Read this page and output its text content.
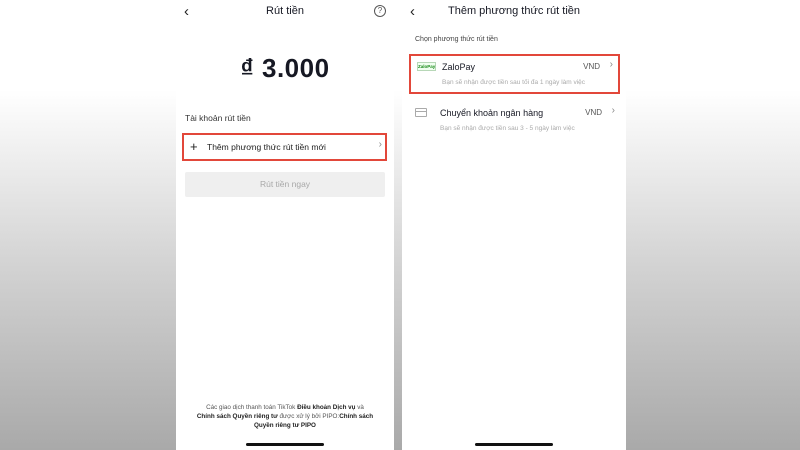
‹	Rút tiền	?
₫ 3.000
Tài khoản rút tiền
+ Thêm phương thức rút tiền mới	›
Rút tiền ngay
Các giao dịch thanh toán TikTok Điều khoản Dịch vụ và
Chính sách Quyền riêng tư được xử lý bởi PIPO:Chính sách Quyền riêng tư PIPO
‹	Thêm phương thức rút tiền
Chọn phương thức rút tiền
ZaloPay ZaloPay	VND ›
Bạn sẽ nhận được tiền sau tối đa 1 ngày làm việc
Chuyển khoản ngân hàng	VND ›
Bạn sẽ nhận được tiền sau 3 - 5 ngày làm việc
